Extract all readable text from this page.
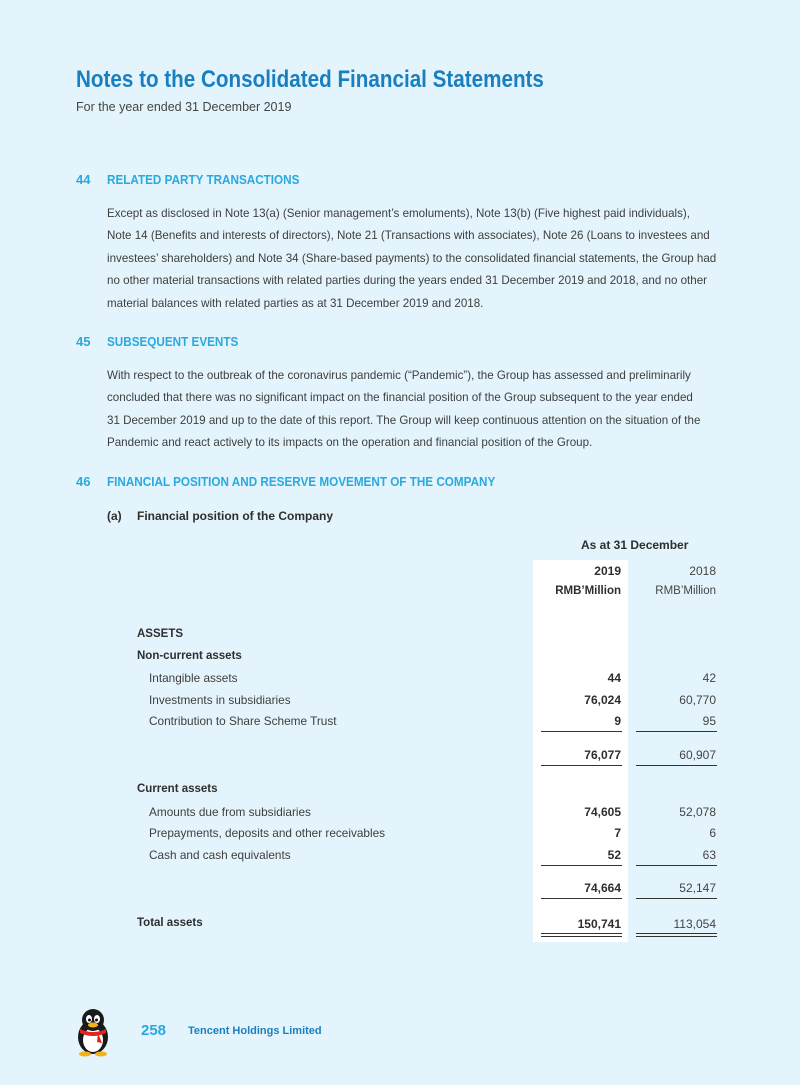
Notes to the Consolidated Financial Statements
For the year ended 31 December 2019
44 RELATED PARTY TRANSACTIONS
Except as disclosed in Note 13(a) (Senior management’s emoluments), Note 13(b) (Five highest paid individuals),
Note 14 (Benefits and interests of directors), Note 21 (Transactions with associates), Note 26 (Loans to investees and
investees’ shareholders) and Note 34 (Share-based payments) to the consolidated financial statements, the Group had
no other material transactions with related parties during the years ended 31 December 2019 and 2018, and no other
material balances with related parties as at 31 December 2019 and 2018.
45 SUBSEQUENT EVENTS
With respect to the outbreak of the coronavirus pandemic (“Pandemic”), the Group has assessed and preliminarily
concluded that there was no significant impact on the financial position of the Group subsequent to the year ended
31 December 2019 and up to the date of this report. The Group will keep continuous attention on the situation of the
Pandemic and react actively to its impacts on the operation and financial position of the Group.
46 FINANCIAL POSITION AND RESERVE MOVEMENT OF THE COMPANY
(a) Financial position of the Company
As at 31 December
2019	2018
RMB’Million	RMB’Million
ASSETS
Non-current assets
Intangible assets	44	42
Investments in subsidiaries	76,024	60,770
Contribution to Share Scheme Trust	9	95
76,077	60,907
Current assets
Amounts due from subsidiaries	74,605	52,078
Prepayments, deposits and other receivables	7	6
Cash and cash equivalents	52	63
74,664	52,147
Total assets	150,741	113,054
258 Tencent Holdings Limited
